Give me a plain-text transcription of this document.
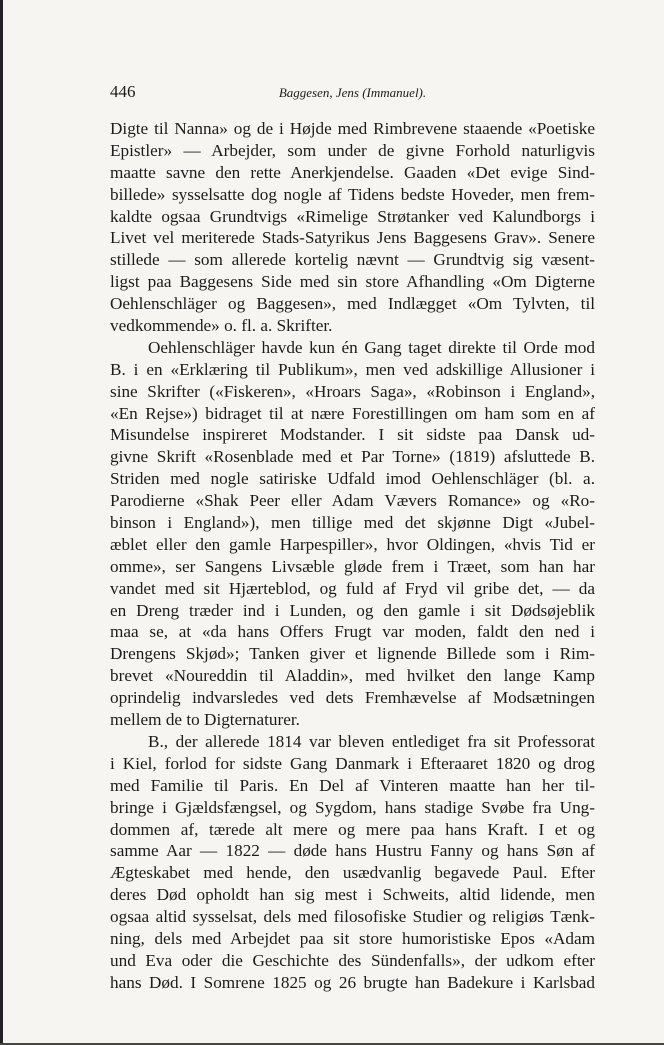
446	Baggesen, Jens (Immanuel).
Digte til Nanna» og de i Højde med Rimbrevene staaende «Poetiske
Epistler» — Arbejder, som under de givne Forhold naturligvis
maatte savne den rette Anerkjendelse. Gaaden «Det evige Sind-
billede» sysselsatte dog nogle af Tidens bedste Hoveder, men frem-
kaldte ogsaa Grundtvigs «Rimelige Strøtanker ved Kalundborgs i
Livet vel meriterede Stads-Satyrikus Jens Baggesens Grav». Senere
stillede — som allerede kortelig nævnt — Grundtvig sig væsent-
ligst paa Baggesens Side med sin store Afhandling «Om Digterne
Oehlenschläger og Baggesen», med Indlægget «Om Tylvten, til
vedkommende» o. fl. a. Skrifter.
Oehlenschläger havde kun én Gang taget direkte til Orde mod
B. i en «Erklæring til Publikum», men ved adskillige Allusioner i
sine Skrifter («Fiskeren», «Hroars Saga», «Robinson i England»,
«En Rejse») bidraget til at nære Forestillingen om ham som en af
Misundelse inspireret Modstander. I sit sidste paa Dansk ud-
givne Skrift «Rosenblade med et Par Torne» (1819) afsluttede B.
Striden med nogle satiriske Udfald imod Oehlenschläger (bl. a.
Parodierne «Shak Peer eller Adam Vævers Romance» og «Ro-
binson i England»), men tillige med det skjønne Digt «Jubel-
æblet eller den gamle Harpespiller», hvor Oldingen, «hvis Tid er
omme», ser Sangens Livsæble gløde frem i Træet, som han har
vandet med sit Hjærteblod, og fuld af Fryd vil gribe det, — da
en Dreng træder ind i Lunden, og den gamle i sit Dødsøjeblik
maa se, at «da hans Offers Frugt var moden, faldt den ned i
Drengens Skjød»; Tanken giver et lignende Billede som i Rim-
brevet «Noureddin til Aladdin», med hvilket den lange Kamp
oprindelig indvarsledes ved dets Fremhævelse af Modsætningen
mellem de to Digternaturer.
B., der allerede 1814 var bleven entlediget fra sit Professorat
i Kiel, forlod for sidste Gang Danmark i Efteraaret 1820 og drog
med Familie til Paris. En Del af Vinteren maatte han her til-
bringe i Gjældsfængsel, og Sygdom, hans stadige Svøbe fra Ung-
dommen af, tærede alt mere og mere paa hans Kraft. I et og
samme Aar — 1822 — døde hans Hustru Fanny og hans Søn af
Ægteskabet med hende, den usædvanlig begavede Paul. Efter
deres Død opholdt han sig mest i Schweits, altid lidende, men
ogsaa altid sysselsat, dels med filosofiske Studier og religiøs Tænk-
ning, dels med Arbejdet paa sit store humoristiske Epos «Adam
und Eva oder die Geschichte des Sündenfalls», der udkom efter
hans Død. I Somrene 1825 og 26 brugte han Badekure i Karlsbad
